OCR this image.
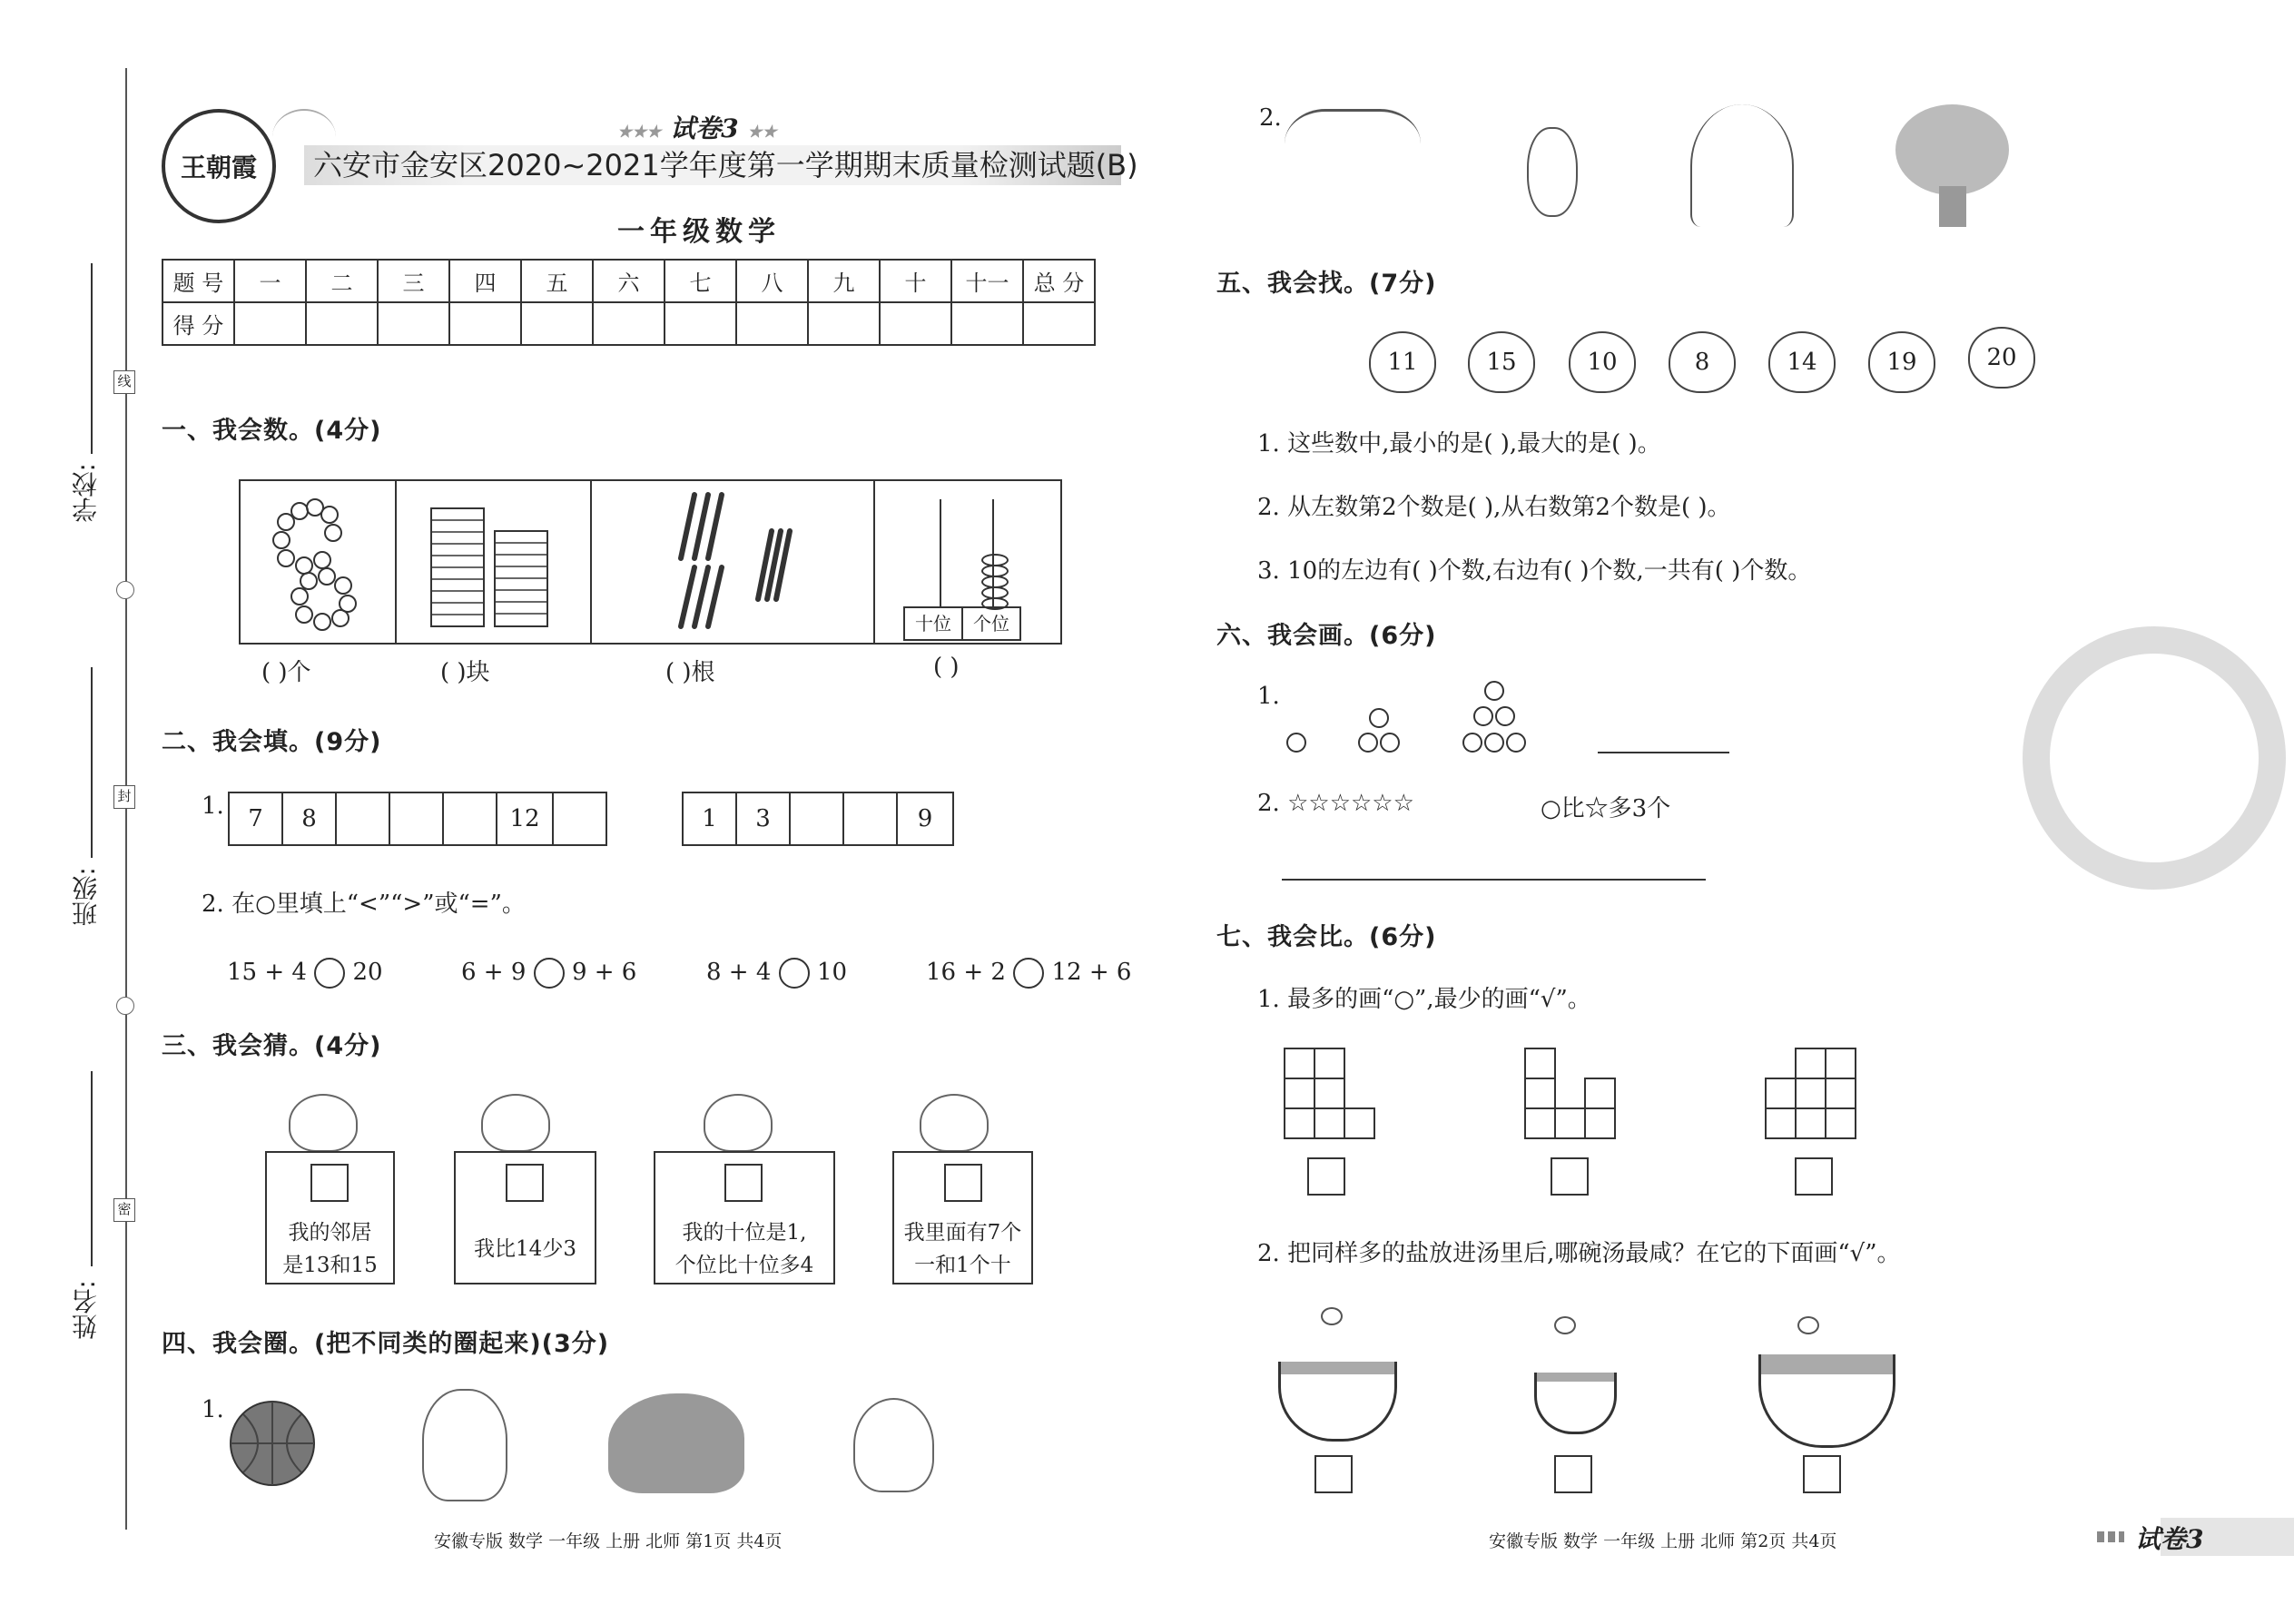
学校:
班级:
姓名:
线
封
密
王朝霞
★★★ 试卷3 ★★
六安市金安区2020~2021学年度第一学期期末质量检测试题(B)
一年级数学
题 号	一	二	三	四	五	六	七	八	九	十	十一	总 分
得 分												
一、我会数。(4分)
十位	个位
( )个	( )块	( )根	( )
二、我会填。(9分)
1.	7	8	12	1	3	9
2. 在○里填上“<”“>”或“=”。
15 + 4 20	6 + 9 9 + 6	8 + 4 10	16 + 2 12 + 6
三、我会猜。(4分)
我的邻居
是13和15
我比14少3
我的十位是1,
个位比十位多4
我里面有7个
一和1个十
四、我会圈。(把不同类的圈起来)(3分)
1.
安徽专版 数学 一年级 上册 北师 第1页 共4页
2.
五、我会找。(7分)
11	15	10	8	14	19	20
1. 这些数中,最小的是( ),最大的是( )。
2. 从左数第2个数是( ),从右数第2个数是( )。
3. 10的左边有( )个数,右边有( )个数,一共有( )个数。
六、我会画。(6分)
1.
2. ☆☆☆☆☆☆	○比☆多3个
七、我会比。(6分)
1. 最多的画“○”,最少的画“√”。
2. 把同样多的盐放进汤里后,哪碗汤最咸？在它的下面画“√”。
安徽专版 数学 一年级 上册 北师 第2页 共4页	试卷3
